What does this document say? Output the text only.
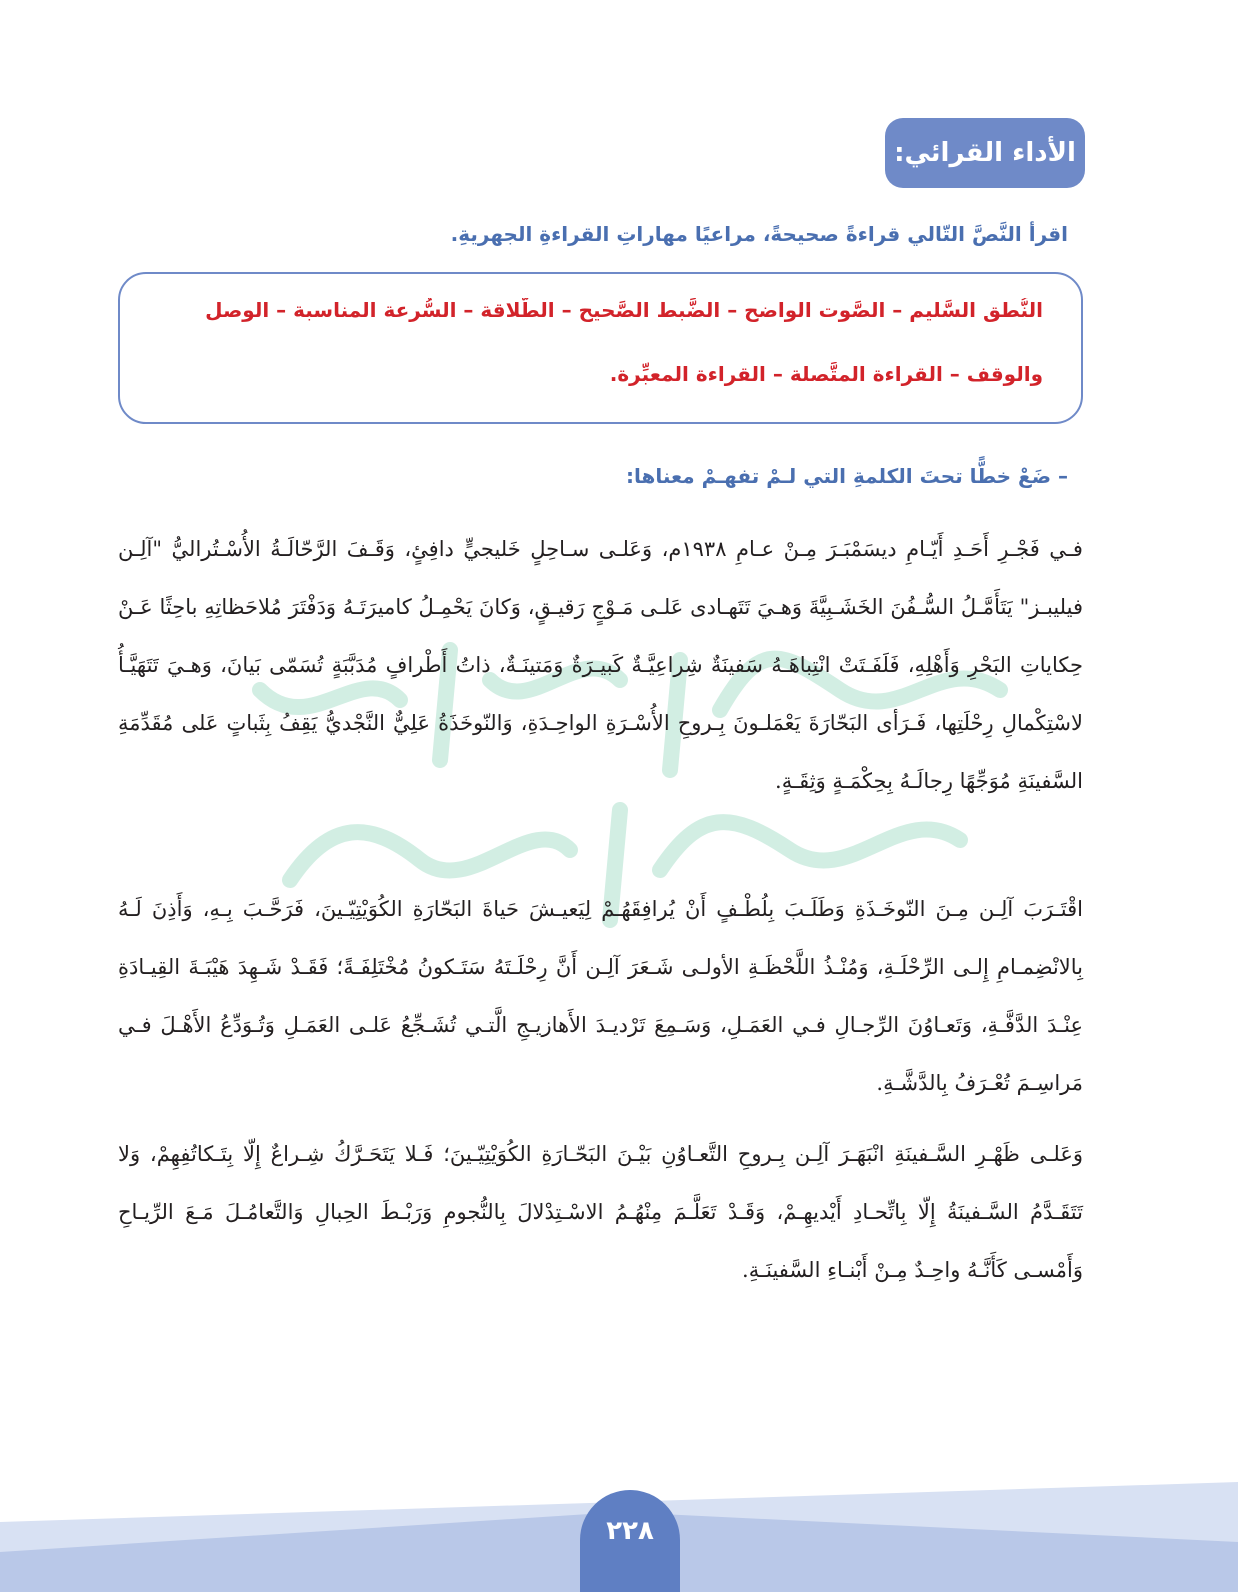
الأداء القرائي:
اقرأ النَّصَّ التّالي قراءةً صحيحةً، مراعيًا مهاراتِ القراءةِ الجهريةِ.
النُّطق السَّليم – الصَّوت الواضح – الضَّبط الصَّحيح – الطَّلاقة – السُّرعة المناسبة – الوصل
والوقف – القراءة المتَّصلة – القراءة المعبِّرة.
– ضَعْ خطًّا تحتَ الكلمةِ التي لـمْ تفهـمْ معناها:
فـي فَجْـرِ أَحَـدِ أَيّـامِ ديسَمْبَـرَ مِـنْ عـامِ ١٩٣٨م، وَعَلـى سـاحِلٍ خَليجيٍّ دافِئٍ، وَقَـفَ الرَّحّالَـةُ الأُسْـتُراليُّ "آلِـن فيليبـز" يَتَأَمَّـلُ السُّـفُنَ الخَشَـبِيَّةَ وَهـيَ تَتَهـادى عَلـى مَـوْجٍ رَقيـقٍ، وَكانَ يَحْمِـلُ كاميرَتَـهُ وَدَفْتَرَ مُلاحَظاتِهِ باحِثًا عَـنْ حِكاياتِ البَحْرِ وَأَهْلِهِ، فَلَفَـتَتْ انْتِباهَـهُ سَفينَةٌ شِراعِيَّـةٌ كَبيـرَةٌ وَمَتينَـةٌ، ذاتُ أَطْرافٍ مُدَبَّبَةٍ تُسَمّى بَيانَ، وَهـيَ تَتَهَيَّـأُ لاسْتِكْمالِ رِحْلَتِها، فَـرَأى البَحّارَةَ يَعْمَلـونَ بِـروحِ الأُسْـرَةِ الواحِـدَةِ، وَالنّوخَذَةُ عَلِيٌّ النَّجْديُّ يَقِفُ بِثَباتٍ عَلى مُقَدِّمَةِ السَّفينَةِ مُوَجِّهًا رِجالَـهُ بِحِكْمَـةٍ وَثِقَـةٍ.
اقْتَـرَبَ آلِـن مِـنَ النّوخَـذَةِ وَطَلَـبَ بِلُطْـفٍ أَنْ يُرافِقَهُـمْ لِيَعيـشَ حَياةَ البَحّارَةِ الكُوَيْتِيّـينَ، فَرَحَّـبَ بِـهِ، وَأَذِنَ لَـهُ بِالانْضِمـامِ إِلـى الرِّحْلَـةِ، وَمُنْـذُ اللَّحْظَـةِ الأولـى شَـعَرَ آلِـن أَنَّ رِحْلَـتَهُ سَتَـكونُ مُخْتَلِفَـةً؛ فَقَـدْ شَـهِدَ هَيْبَـةَ القِيـادَةِ عِنْـدَ الدَّفَّـةِ، وَتَعـاوُنَ الرِّجـالِ فـي العَمَـلِ، وَسَـمِعَ تَرْديـدَ الأَهازيـجِ الَّتـي تُشَـجِّعُ عَلـى العَمَـلِ وَتُـوَدِّعُ الأَهْـلَ فـي مَراسِـمَ تُعْـرَفُ بِالدَّشَّـةِ.
وَعَلـى ظَهْـرِ السَّـفينَةِ انْبَهَـرَ آلِـن بِـروحِ التَّعـاوُنِ بَيْـنَ البَحّـارَةِ الكُوَيْتِيّـينَ؛ فَـلا يَتَحَـرَّكُ شِـراعٌ إِلّا بِتَـكاتُفِهِمْ، وَلا تَتَقَـدَّمُ السَّـفينَةُ إِلّا بِاتِّحـادِ أَيْديهِـمْ، وَقَـدْ تَعَلَّـمَ مِنْهُـمُ الاسْـتِدْلالَ بِالنُّجومِ وَرَبْـطَ الحِبالِ وَالتَّعامُـلَ مَـعَ الرِّيـاحِ وَأَمْسـى كَأَنَّـهُ واحِـدٌ مِـنْ أَبْنـاءِ السَّفينَـةِ.
٢٢٨
